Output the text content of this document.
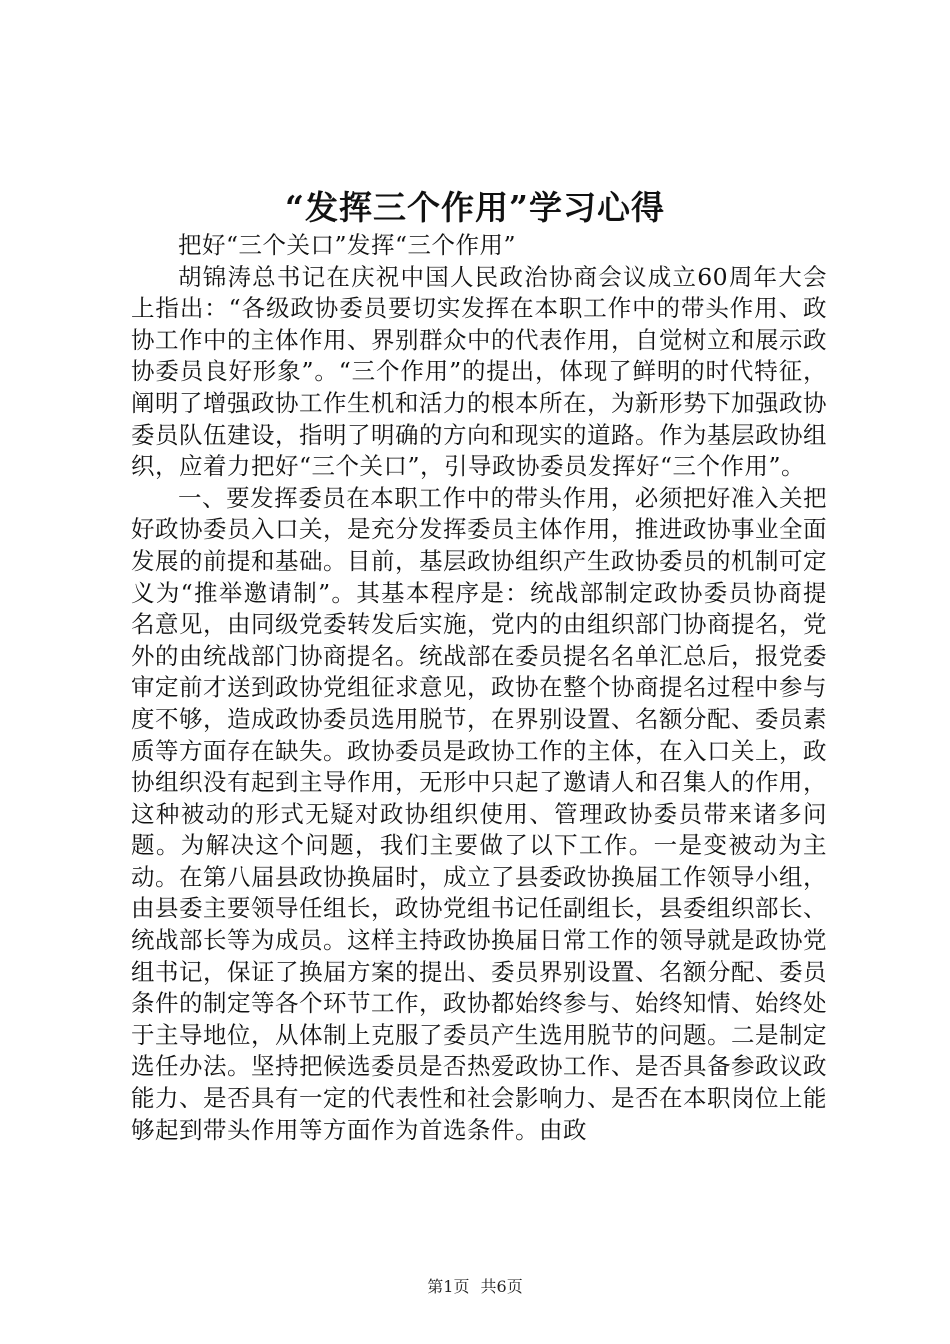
“发挥三个作用”学习心得

把好“三个关口”发挥“三个作用”

胡锦涛总书记在庆祝中国人民政治协商会议成立60周年大会上指出：“各级政协委员要切实发挥在本职工作中的带头作用、政协工作中的主体作用、界别群众中的代表作用，自觉树立和展示政协委员良好形象”。“三个作用”的提出，体现了鲜明的时代特征，阐明了增强政协工作生机和活力的根本所在，为新形势下加强政协委员队伍建设，指明了明确的方向和现实的道路。作为基层政协组织，应着力把好“三个关口”，引导政协委员发挥好“三个作用”。

一、要发挥委员在本职工作中的带头作用，必须把好准入关把好政协委员入口关，是充分发挥委员主体作用，推进政协事业全面发展的前提和基础。目前，基层政协组织产生政协委员的机制可定义为“推举邀请制”。其基本程序是：统战部制定政协委员协商提名意见，由同级党委转发后实施，党内的由组织部门协商提名，党外的由统战部门协商提名。统战部在委员提名名单汇总后，报党委审定前才送到政协党组征求意见，政协在整个协商提名过程中参与度不够，造成政协委员选用脱节，在界别设置、名额分配、委员素质等方面存在缺失。政协委员是政协工作的主体，在入口关上，政协组织没有起到主导作用，无形中只起了邀请人和召集人的作用，这种被动的形式无疑对政协组织使用、管理政协委员带来诸多问题。为解决这个问题，我们主要做了以下工作。一是变被动为主动。在第八届县政协换届时，成立了县委政协换届工作领导小组，由县委主要领导任组长，政协党组书记任副组长，县委组织部长、统战部长等为成员。这样主持政协换届日常工作的领导就是政协党组书记，保证了换届方案的提出、委员界别设置、名额分配、委员条件的制定等各个环节工作，政协都始终参与、始终知情、始终处于主导地位，从体制上克服了委员产生选用脱节的问题。二是制定选任办法。坚持把候选委员是否热爱政协工作、是否具备参政议政能力、是否具有一定的代表性和社会影响力、是否在本职岗位上能够起到带头作用等方面作为首选条件。由政

第1页 共6页
